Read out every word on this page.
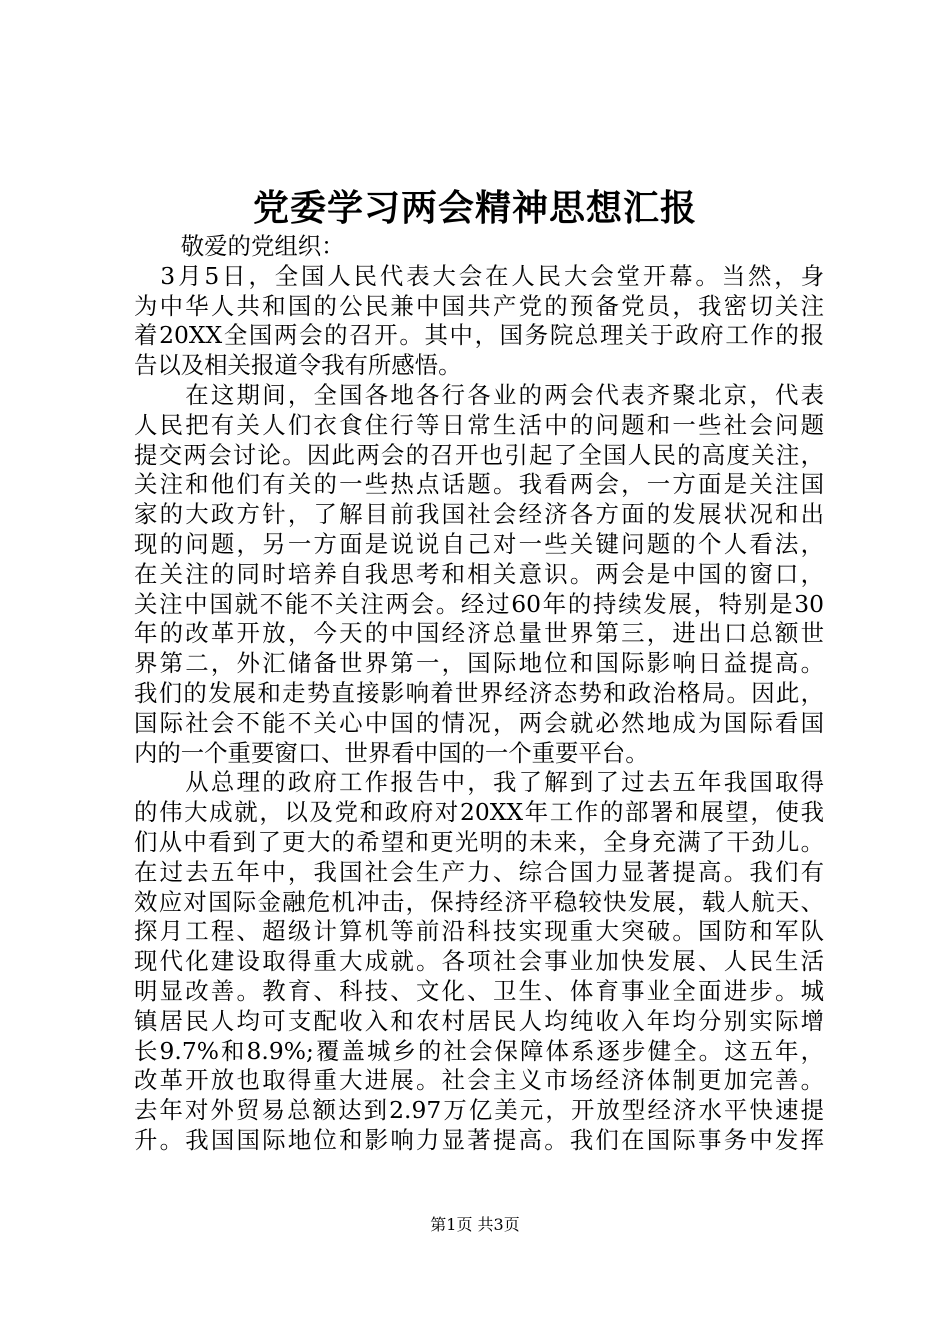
党委学习两会精神思想汇报
　　敬爱的党组织：
　3月5日，全国人民代表大会在人民大会堂开幕。当然，身
为中华人共和国的公民兼中国共产党的预备党员，我密切关注
着20XX全国两会的召开。其中，国务院总理关于政府工作的报
告以及相关报道令我有所感悟。
　　在这期间，全国各地各行各业的两会代表齐聚北京，代表
人民把有关人们衣食住行等日常生活中的问题和一些社会问题
提交两会讨论。因此两会的召开也引起了全国人民的高度关注，
关注和他们有关的一些热点话题。我看两会，一方面是关注国
家的大政方针，了解目前我国社会经济各方面的发展状况和出
现的问题，另一方面是说说自己对一些关键问题的个人看法，
在关注的同时培养自我思考和相关意识。两会是中国的窗口，
关注中国就不能不关注两会。经过60年的持续发展，特别是30
年的改革开放，今天的中国经济总量世界第三，进出口总额世
界第二，外汇储备世界第一，国际地位和国际影响日益提高。
我们的发展和走势直接影响着世界经济态势和政治格局。因此，
国际社会不能不关心中国的情况，两会就必然地成为国际看国
内的一个重要窗口、世界看中国的一个重要平台。
　　从总理的政府工作报告中，我了解到了过去五年我国取得
的伟大成就，以及党和政府对20XX年工作的部署和展望，使我
们从中看到了更大的希望和更光明的未来，全身充满了干劲儿。
在过去五年中，我国社会生产力、综合国力显著提高。我们有
效应对国际金融危机冲击，保持经济平稳较快发展，载人航天、
探月工程、超级计算机等前沿科技实现重大突破。国防和军队
现代化建设取得重大成就。各项社会事业加快发展、人民生活
明显改善。教育、科技、文化、卫生、体育事业全面进步。城
镇居民人均可支配收入和农村居民人均纯收入年均分别实际增
长9.7%和8.9%;覆盖城乡的社会保障体系逐步健全。这五年，
改革开放也取得重大进展。社会主义市场经济体制更加完善。
去年对外贸易总额达到2.97万亿美元，开放型经济水平快速提
升。我国国际地位和影响力显著提高。我们在国际事务中发挥
第1页 共3页
